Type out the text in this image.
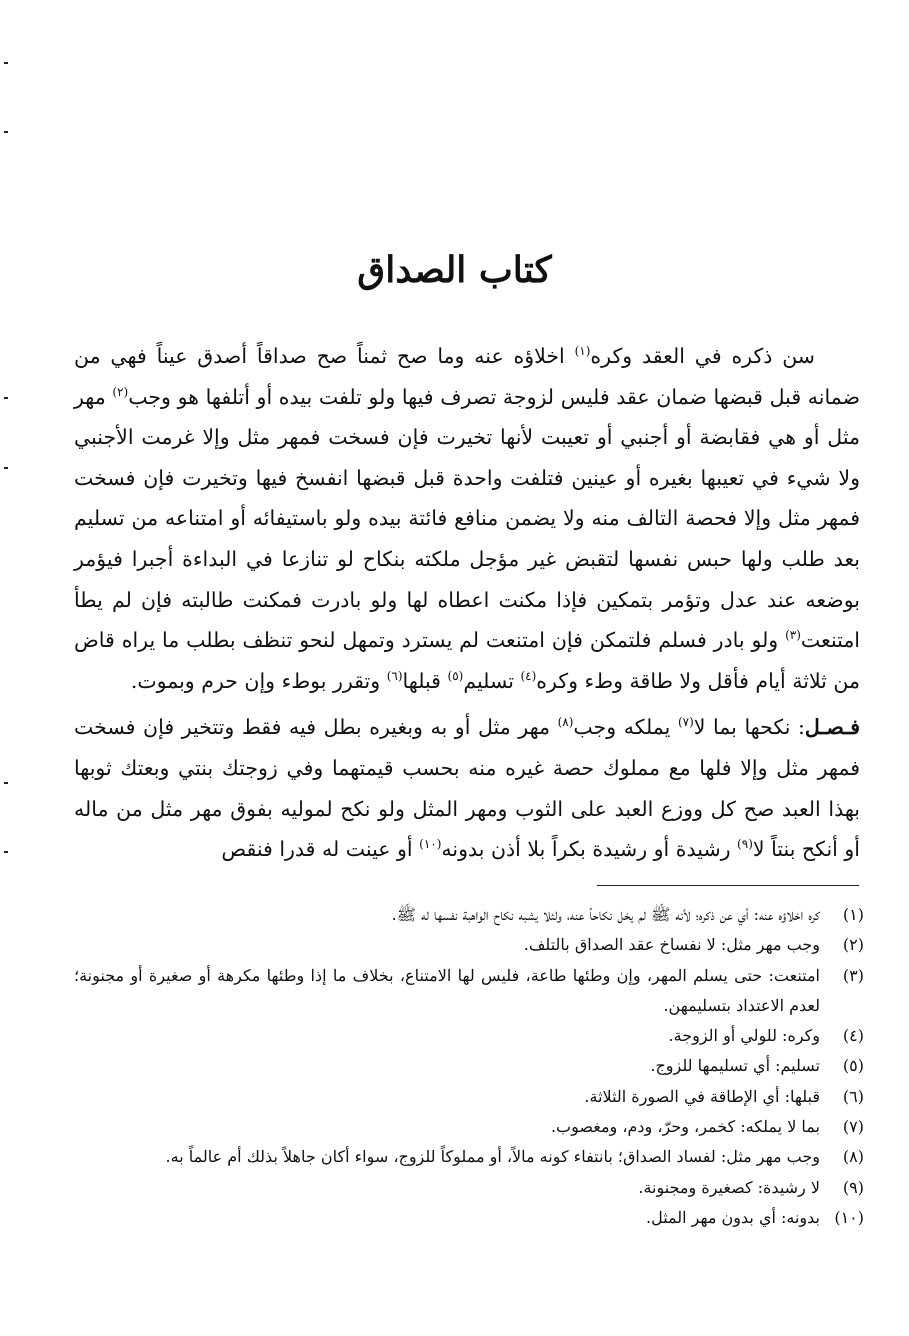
كتاب الصداق

سن ذكره في العقد وكره$^{(١)}$ اخلاؤه عنه وما صح ثمناً صح صداقاً أصدق عيناً فهي من ضمانه قبل قبضها ضمان عقد فليس لزوجة تصرف فيها ولو تلفت بيده أو أتلفها هو وجب$^{(٢)}$ مهر مثل أو هي فقابضة أو أجنبي أو تعيبت لأنها تخيرت فإن فسخت فمهر مثل وإلا غرمت الأجنبي ولا شيء في تعيبها بغيره أو عينين فتلفت واحدة قبل قبضها انفسخ فيها وتخيرت فإن فسخت فمهر مثل وإلا فحصة التالف منه ولا يضمن منافع فائتة بيده ولو باستيفائه أو امتناعه من تسليم بعد طلب ولها حبس نفسها لتقبض غير مؤجل ملكته بنكاح لو تنازعا في البداءة أجبرا فيؤمر بوضعه عند عدل وتؤمر بتمكين فإذا مكنت اعطاه لها ولو بادرت فمكنت طالبته فإن لم يطأ امتنعت$^{(٣)}$ ولو بادر فسلم فلتمكن فإن امتنعت لم يسترد وتمهل لنحو تنظف بطلب ما يراه قاض من ثلاثة أيام فأقل ولا طاقة وطء وكره$^{(٤)}$ تسليم$^{(٥)}$ قبلها$^{(٦)}$ وتقرر بوطء وإن حرم وبموت.

فـصـل: نكحها بما لا$^{(٧)}$ يملكه وجب$^{(٨)}$ مهر مثل أو به وبغيره بطل فيه فقط وتتخير فإن فسخت فمهر مثل وإلا فلها مع مملوك حصة غيره منه بحسب قيمتهما وفي زوجتك بنتي وبعتك ثوبها بهذا العبد صح كل ووزع العبد على الثوب ومهر المثل ولو نكح لموليه بفوق مهر مثل من ماله أو أنكح بنتاً لا$^{(٩)}$ رشيدة أو رشيدة بكراً بلا أذن بدونه$^{(١٠)}$ أو عينت له قدرا فنقص

(١)
كره اخلاؤه عنه: أي عن ذكره؛ لأنه ﷺ لم يخل نكاحاً عنه، ولئلا يشبه نكاح الواهبة نفسها له ﷺ.
(٢)
وجب مهر مثل: لا نفساخ عقد الصداق بالتلف.
(٣)
امتنعت: حتى يسلم المهر، وإن وطئها طاعة، فليس لها الامتناع، بخلاف ما إذا وطئها مكرهة أو صغيرة أو مجنونة؛ لعدم الاعتداد بتسليمهن.
(٤)
وكره: للولي أو الزوجة.
(٥)
تسليم: أي تسليمها للزوج.
(٦)
قبلها: أي الإطاقة في الصورة الثلاثة.
(٧)
بما لا يملكه: كخمر، وحرّ، ودم، ومغصوب.
(٨)
وجب مهر مثل: لفساد الصداق؛ بانتفاء كونه مالاً، أو مملوكاً للزوج، سواء أكان جاهلاً بذلك أم عالماً به.
(٩)
لا رشيدة: كصغيرة ومجنونة.
(١٠)
بدونه: أي بدون مهر المثل.
